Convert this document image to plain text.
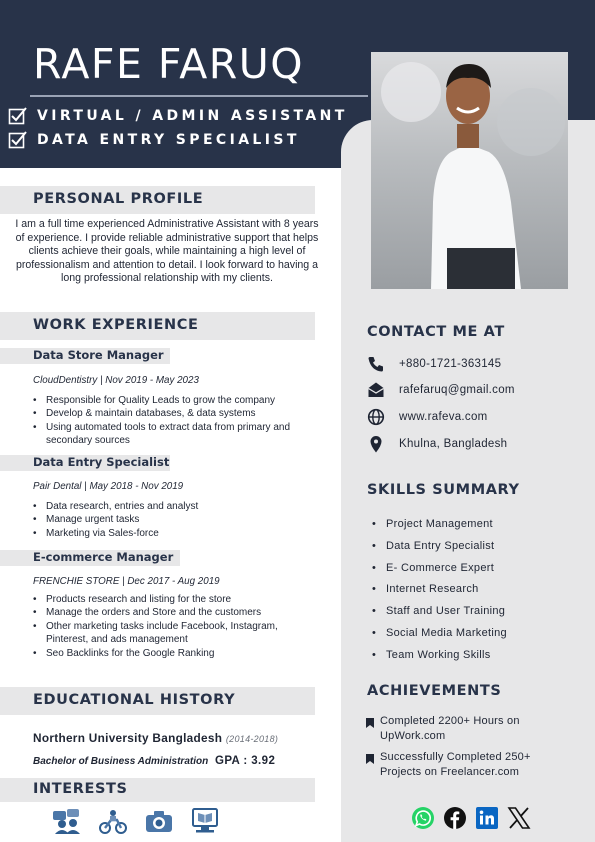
RAFE FARUQ
VIRTUAL / ADMIN ASSISTANT
DATA ENTRY SPECIALIST
PERSONAL PROFILE
I am a full time experienced Administrative Assistant with 8 years of experience. I provide reliable administrative support that helps clients achieve their goals, while maintaining a high level of professionalism and attention to detail. I look forward to having a long professional relationship with my clients.
WORK EXPERIENCE
Data Store Manager
CloudDentistry | Nov 2019 - May 2023
• Responsible for Quality Leads to grow the company
• Develop & maintain databases, & data systems
• Using automated tools to extract data from primary and secondary sources
Data Entry Specialist
Pair Dental | May 2018 - Nov 2019
• Data research, entries and analyst
• Manage urgent tasks
• Marketing via Sales-force
E-commerce Manager
FRENCHIE STORE | Dec 2017 - Aug 2019
• Products research and listing for the store
• Manage the orders and Store and the customers
• Other marketing tasks include Facebook, Instagram, Pinterest, and ads management
• Seo Backlinks for the Google Ranking
EDUCATIONAL HISTORY
Northern University Bangladesh (2014-2018)
Bachelor of Business Administration GPA : 3.92
INTERESTS
CONTACT ME AT
+880-1721-363145
rafefaruq@gmail.com
www.rafeva.com
Khulna, Bangladesh
SKILLS SUMMARY
• Project Management
• Data Entry Specialist
• E- Commerce Expert
• Internet Research
• Staff and User Training
• Social Media Marketing
• Team Working Skills
ACHIEVEMENTS
Completed 2200+ Hours on UpWork.com
Successfully Completed 250+ Projects on Freelancer.com
